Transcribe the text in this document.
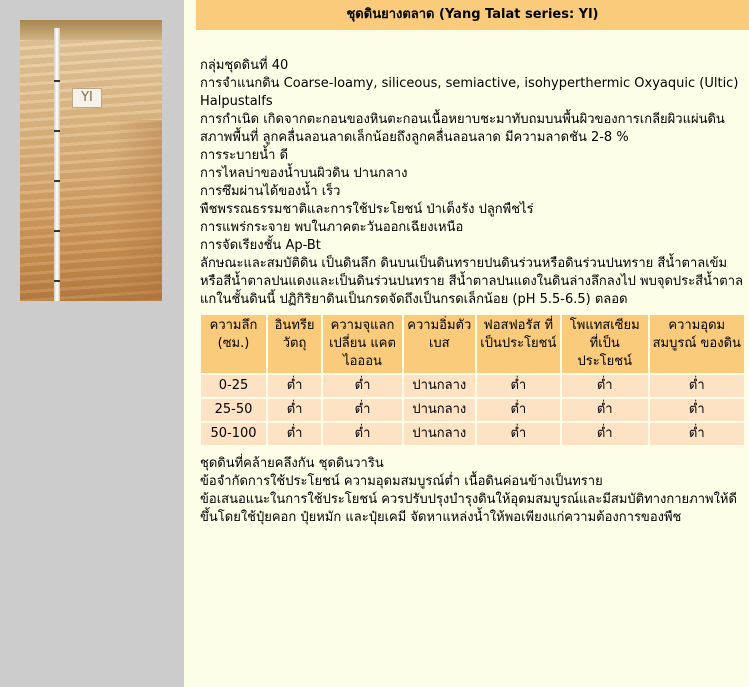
YI
ชุดดินยางตลาด (Yang Talat series: Yl)

กลุ่มชุดดินที่ 40

การจำแนกดิน Coarse-loamy, siliceous, semiactive, isohyperthermic Oxyaquic (Ultic) Halpustalfs

การกำเนิด เกิดจากตะกอนของหินตะกอนเนื้อหยาบชะมาทับถมบนพื้นผิวของการเกลียผิวแผ่นดิน

สภาพพื้นที่ ลูกคลื่นลอนลาดเล็กน้อยถึงลูกคลื่นลอนลาด มีความลาดชัน 2-8 %

การระบายน้ำ ดี

การไหลบ่าของน้ำบนผิวดิน ปานกลาง

การซึมผ่านได้ของน้ำ เร็ว

พืชพรรณธรรมชาติและการใช้ประโยชน์ ป่าเต็งรัง ปลูกพืชไร่

การแพร่กระจาย พบในภาคตะวันออกเฉียงเหนือ

การจัดเรียงชั้น Ap-Bt

ลักษณะและสมบัติดิน เป็นดินลึก ดินบนเป็นดินทรายปนดินร่วนหรือดินร่วนปนทราย สีน้ำตาลเข้มหรือสีน้ำตาลปนแดงและเป็นดินร่วนปนทราย สีน้ำตาลปนแดงในดินล่างลึกลงไป พบจุดประสีน้ำตาลแกในชั้นดินนี้ ปฏิกิริยาดินเป็นกรดจัดถึงเป็นกรดเล็กน้อย (pH 5.5-6.5) ตลอด

ความลึก (ซม.)	อินทรีย วัตถุ	ความจุแลกเปลี่ยน แคตไอออน	ความอิ่มตัว เบส	ฟอสฟอรัส ที่เป็นประโยชน์	โพแทสเซียม ที่เป็นประโยชน์	ความอุดม สมบูรณ์ ของดิน
0-25	ต่ำ	ต่ำ	ปานกลาง	ต่ำ	ต่ำ	ต่ำ
25-50	ต่ำ	ต่ำ	ปานกลาง	ต่ำ	ต่ำ	ต่ำ
50-100	ต่ำ	ต่ำ	ปานกลาง	ต่ำ	ต่ำ	ต่ำ

ชุดดินที่คล้ายคลึงกัน ชุดดินวาริน

ข้อจำกัดการใช้ประโยชน์ ความอุดมสมบูรณ์ต่ำ เนื้อดินค่อนข้างเป็นทราย

ข้อเสนอแนะในการใช้ประโยชน์ ควรปรับปรุงบำรุงดินให้อุดมสมบูรณ์และมีสมบัติทางกายภาพให้ดีขึ้นโดยใช้ปุ๋ยคอก ปุ๋ยหมัก และปุ๋ยเคมี จัดหาแหล่งน้ำให้พอเพียงแก่ความต้องการของพืช
